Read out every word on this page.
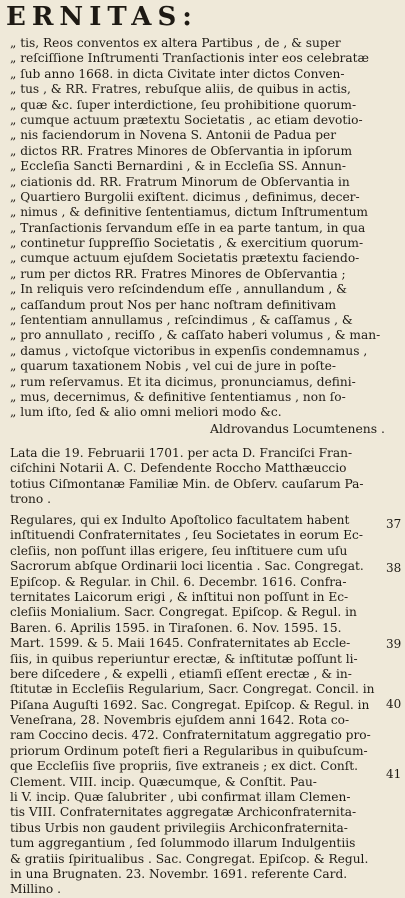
ERNITAS:
„ tis, Reos conventos ex altera Partibus , de , & super
„ reſciſſione Inſtrumenti Tranſactionis inter eos celebratæ
„ ſub anno 1668. in dicta Civitate inter dictos Conven-
„ tus , & RR. Fratres, rebuſque aliis, de quibus in actis,
„ quæ &c. ſuper interdictione, ſeu prohibitione quorum-
„ cumque actuum prætextu Societatis , ac etiam devotio-
„ nis faciendorum in Novena S. Antonii de Padua per
„ dictos RR. Fratres Minores de Obſervantia in ipſorum
„ Eccleſia Sancti Bernardini , & in Eccleſia SS. Annun-
„ ciationis dd. RR. Fratrum Minorum de Obſervantia in
„ Quartiero Burgolii exiſtent. dicimus , definimus, decer-
„ nimus , & definitive ſententiamus, dictum Inſtrumentum
„ Tranſactionis ſervandum eſſe in ea parte tantum, in qua
„ continetur ſuppreſſio Societatis , & exercitium quorum-
„ cumque actuum ejuſdem Societatis prætextu faciendo-
„ rum per dictos RR. Fratres Minores de Obſervantia ;
„ In reliquis vero reſcindendum eſſe , annullandum , &
„ caſſandum prout Nos per hanc noſtram definitivam
„ ſententiam annullamus , reſcindimus , & caſſamus , &
„ pro annullato , reciſſo , & caſſato haberi volumus , & man-
„ damus , victoſque victoribus in expenſis condemnamus ,
„ quarum taxationem Nobis , vel cui de jure in poſte-
„ rum reſervamus. Et ita dicimus, pronunciamus, defini-
„ mus, decernimus, & definitive ſententiamus , non ſo-
„ lum iſto, ſed & alio omni meliori modo &c.
Aldrovandus Locumtenens .
Lata die 19. Februarii 1701. per acta D. Franciſci Fran-
ciſchini Notarii A. C. Defendente Roccho Matthæuccio
totius Ciſmontanæ Familiæ Min. de Obſerv. cauſarum Pa-
trono .
Regulares, qui ex Indulto Apoſtolico facultatem habent
inſtituendi Confraternitates , ſeu Societates in eorum Ec-
cleſiis, non poſſunt illas erigere, ſeu inſtituere cum uſu
Sacrorum abſque Ordinarii loci licentia . Sac. Congregat.
Epiſcop. & Regular. in Chil. 6. Decembr. 1616. Confra-
ternitates Laicorum erigi , & inſtitui non poſſunt in Ec-
cleſiis Monialium. Sacr. Congregat. Epiſcop. & Regul. in
Baren. 6. Aprilis 1595. in Tiraſonen. 6. Nov. 1595. 15.
Mart. 1599. & 5. Maii 1645. Confraternitates ab Eccle-
ſiis, in quibus reperiuntur erectæ, & inſtitutæ poſſunt li-
bere diſcedere , & expelli , etiamſi eſſent erectæ , & in-
ſtitutæ in Eccleſiis Regularium, Sacr. Congregat. Concil. in
Piſana Auguſti 1692. Sac. Congregat. Epiſcop. & Regul. in
Veneſrana, 28. Novembris ejuſdem anni 1642. Rota co-
ram Coccino decis. 472. Confraternitatum aggregatio pro-
priorum Ordinum poteſt fieri a Regularibus in quibuſcum-
que Eccleſiis ſive propriis, ſive extraneis ; ex dict. Conſt.
Clement. VIII. incip. Quæcumque, & Conſtit. Pau-
li V. incip. Quæ ſalubriter , ubi confirmat illam Clemen-
tis VIII. Confraternitates aggregatæ Archiconfraternita-
tibus Urbis non gaudent privilegiis Archiconfraternita-
tum aggregantium , ſed ſolummodo illarum Indulgentiis
& gratiis ſpiritualibus . Sac. Congregat. Epiſcop. & Regul.
in una Brugnaten. 23. Novembr. 1691. referente Card.
Millino .
37
38
39
40
41
